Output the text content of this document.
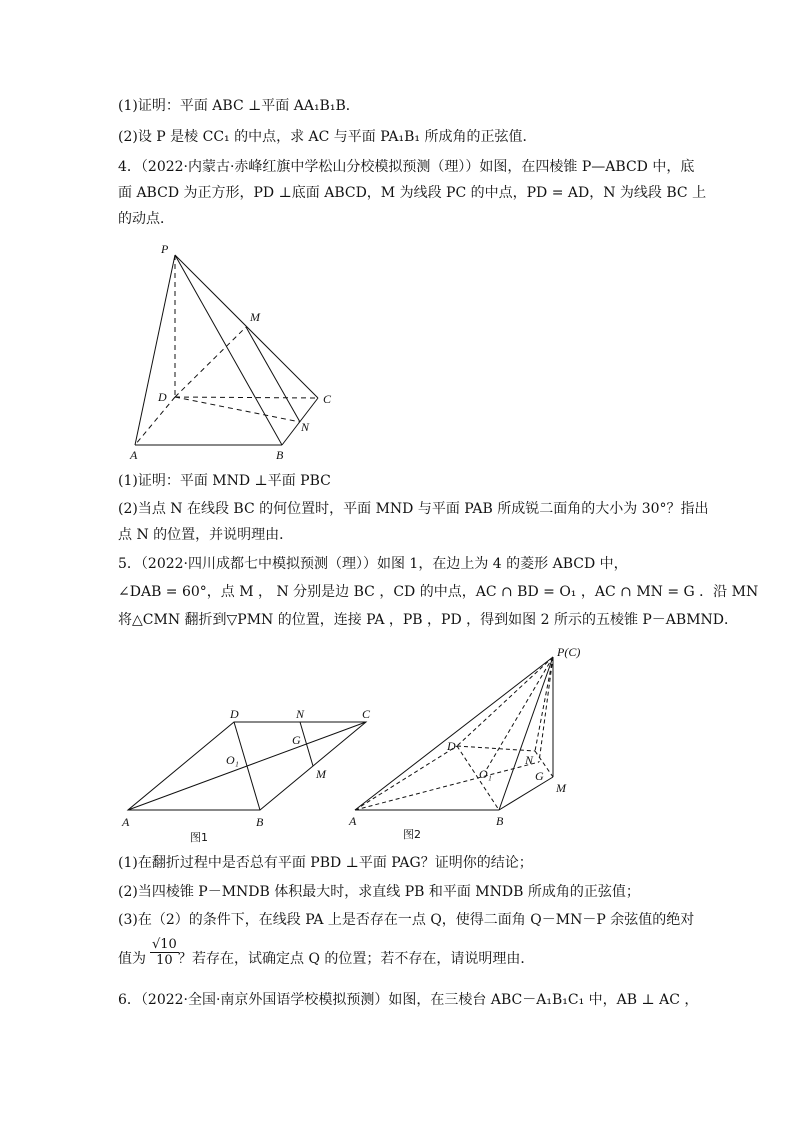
(1)证明：平面 ABC ⊥平面 AA₁B₁B．
(2)设 P 是棱 CC₁ 的中点，求 AC 与平面 PA₁B₁ 所成角的正弦值．
4．（2022·内蒙古·赤峰红旗中学松山分校模拟预测（理））如图，在四棱锥 P—ABCD 中，底
面 ABCD 为正方形，PD ⊥底面 ABCD，M 为线段 PC 的中点，PD = AD，N 为线段 BC 上
的动点．
P
M
D	C
N
A	B
(1)证明：平面 MND ⊥平面 PBC
(2)当点 N 在线段 BC 的何位置时，平面 MND 与平面 PAB 所成锐二面角的大小为 30°？指出
点 N 的位置，并说明理由．
5．（2022·四川成都七中模拟预测（理））如图 1，在边上为 4 的菱形 ABCD 中，
∠DAB = 60°，点 M ， N 分别是边 BC ，CD 的中点，AC ∩ BD = O₁ ，AC ∩ MN = G ．沿 MN
将△CMN 翻折到▽PMN 的位置，连接 PA ，PB ，PD ，得到如图 2 所示的五棱锥 P－ABMND．
D	N	C
G
O₁
M
A	B
图1
P(C)
D
N
O₁	G
M
A	B
图2
(1)在翻折过程中是否总有平面 PBD ⊥平面 PAG？证明你的结论；
(2)当四棱锥 P－MNDB 体积最大时，求直线 PB 和平面 MNDB 所成角的正弦值；
(3)在（2）的条件下，在线段 PA 上是否存在一点 Q，使得二面角 Q－MN－P 余弦值的绝对
值为 $\frac{√10}{10}$ ？若存在，试确定点 Q 的位置；若不存在，请说明理由．
6．（2022·全国·南京外国语学校模拟预测）如图，在三棱台 ABC－A₁B₁C₁ 中，AB ⊥ AC ，
